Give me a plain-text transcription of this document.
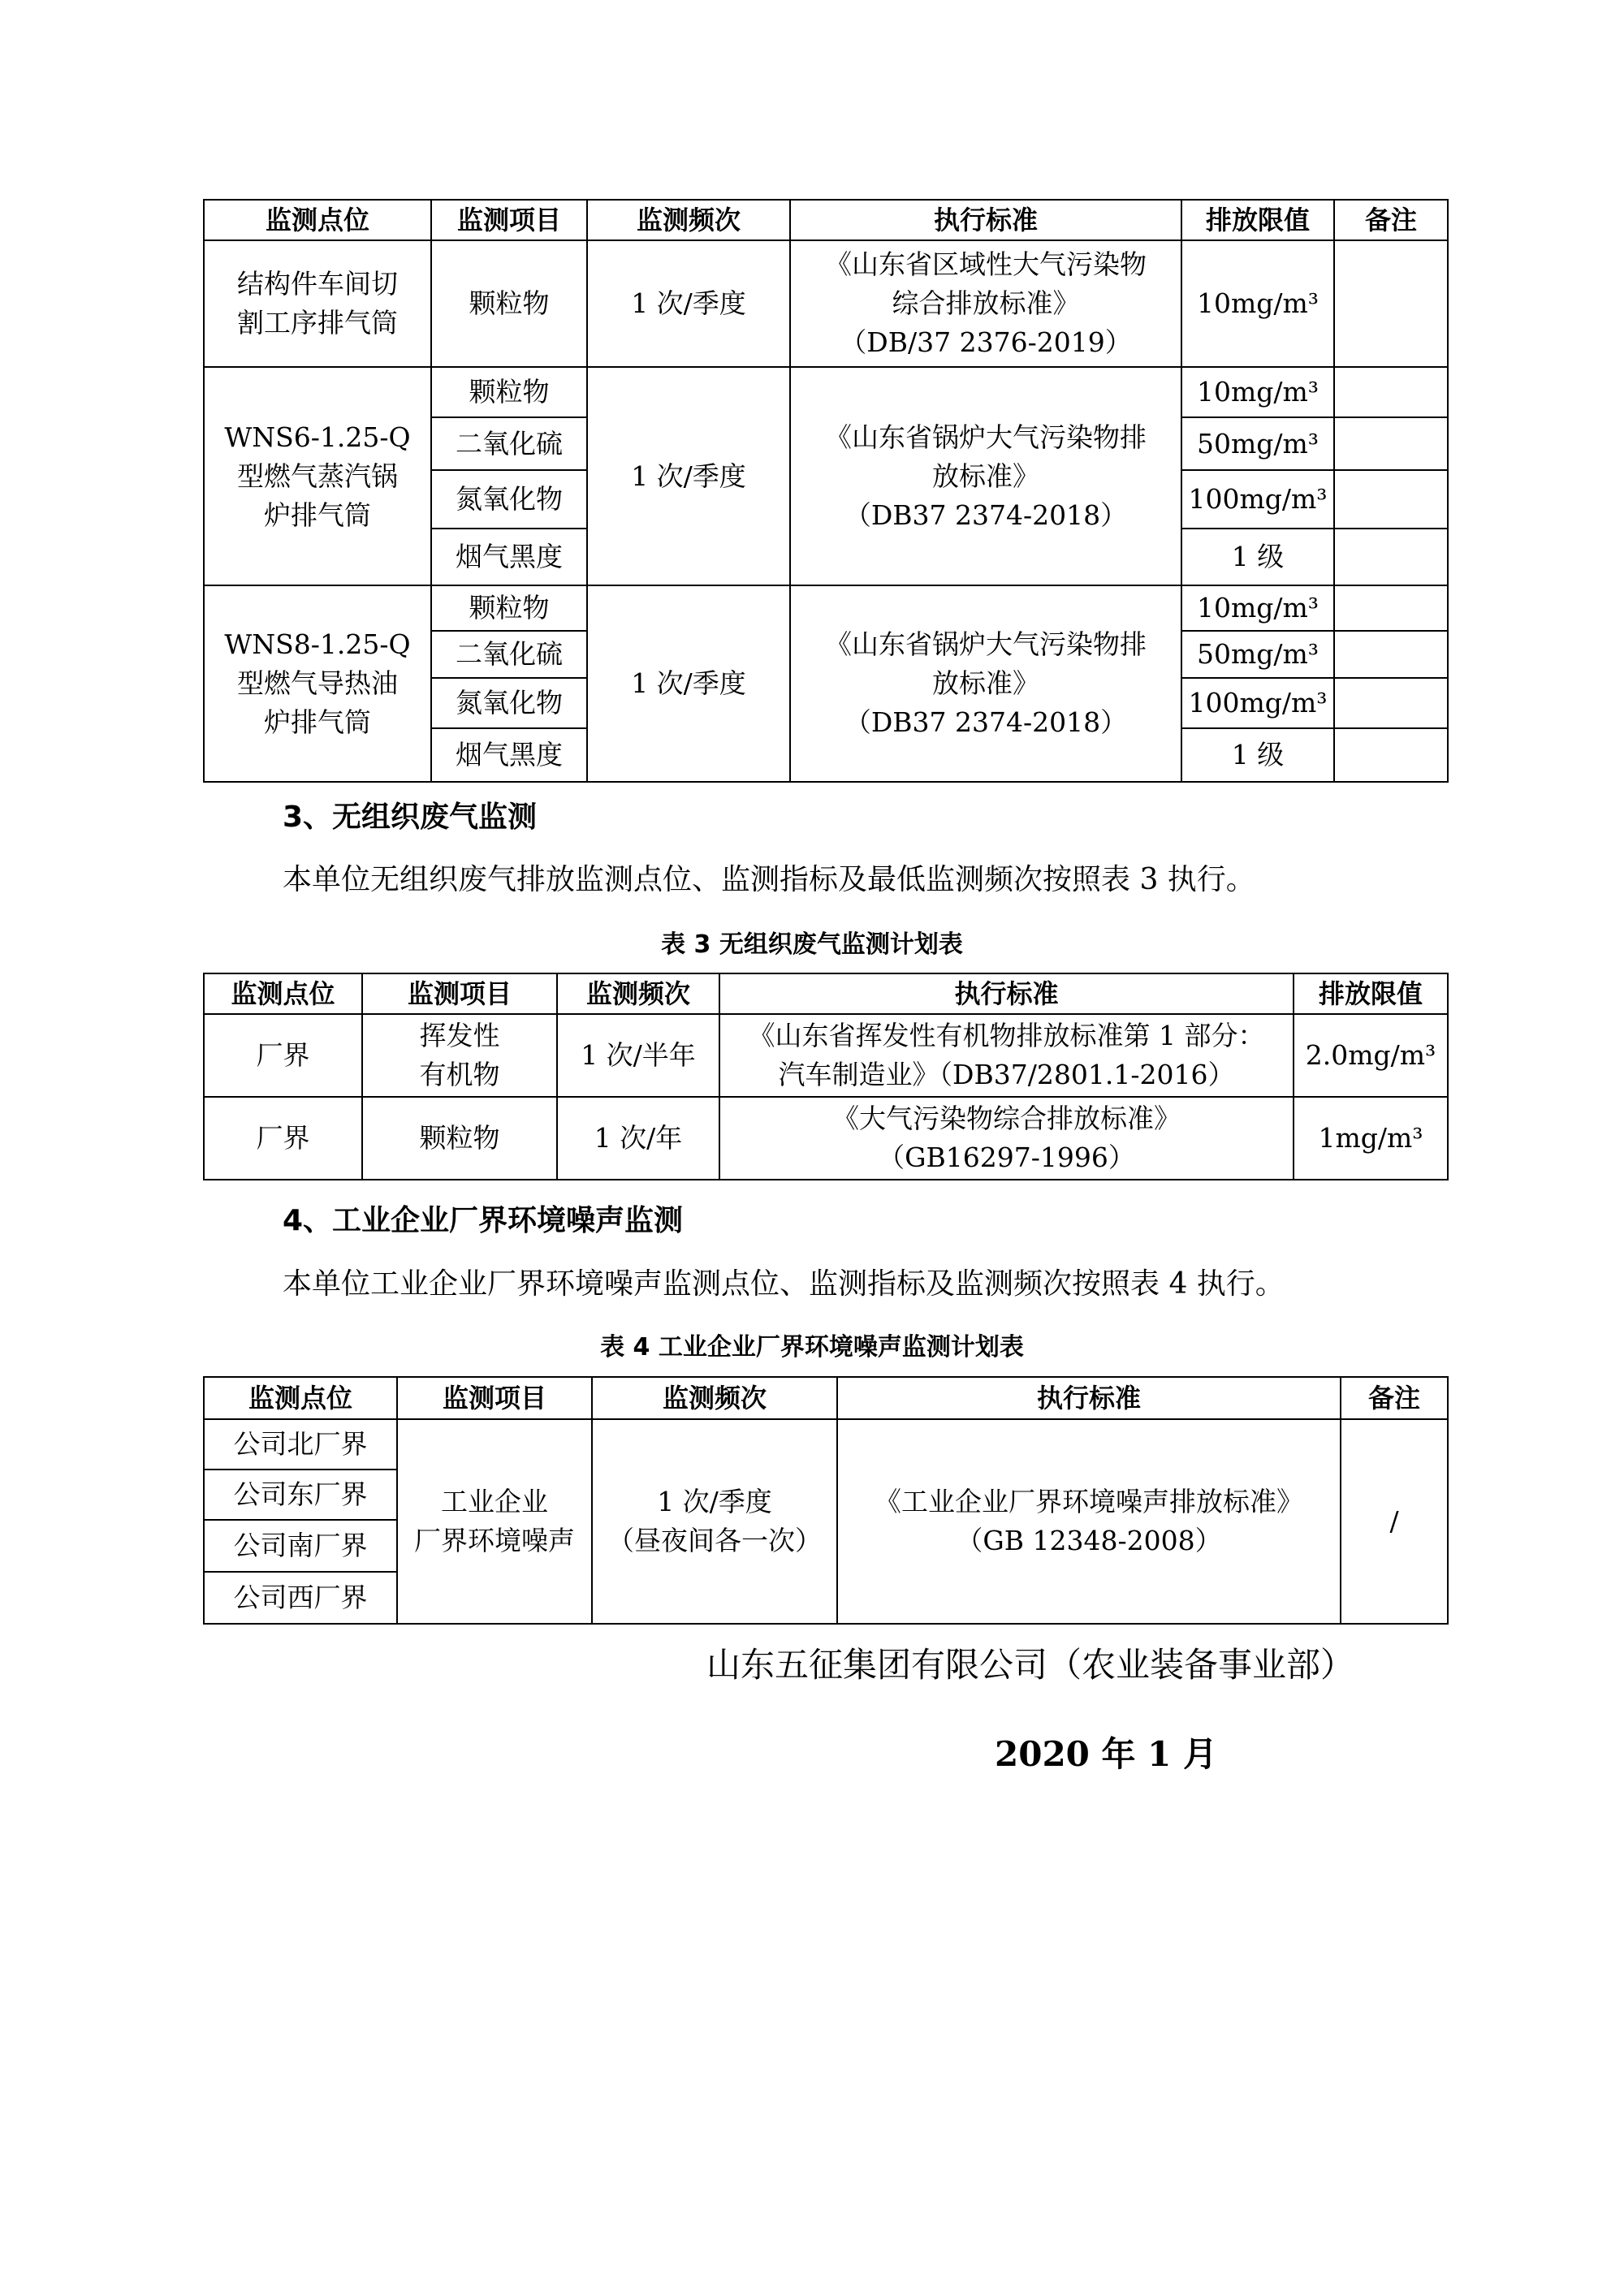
监测点位	监测项目	监测频次	执行标准	排放限值	备注

结构件车间切
割工序排气筒	颗粒物	1 次/季度	《山东省区域性大气污染物
综合排放标准》
（DB/37 2376-2019）	10mg/m³	

WNS6-1.25-Q
型燃气蒸汽锅
炉排气筒	颗粒物	1 次/季度	《山东省锅炉大气污染物排
放标准》
（DB37 2374-2018）	10mg/m³	
	二氧化硫			50mg/m³	
	氮氧化物			100mg/m³	
	烟气黑度			1 级	

WNS8-1.25-Q
型燃气导热油
炉排气筒	颗粒物	1 次/季度	《山东省锅炉大气污染物排
放标准》
（DB37 2374-2018）	10mg/m³	
	二氧化硫			50mg/m³	
	氮氧化物			100mg/m³	
	烟气黑度			1 级	
3、无组织废气监测
本单位无组织废气排放监测点位、监测指标及最低监测频次按照表 3 执行。
表 3 无组织废气监测计划表
监测点位	监测项目	监测频次	执行标准	排放限值
厂界	挥发性
有机物	1 次/半年	《山东省挥发性有机物排放标准第 1 部分：
汽车制造业》（DB37/2801.1-2016）	2.0mg/m³
厂界	颗粒物	1 次/年	《大气污染物综合排放标准》
（GB16297-1996）	1mg/m³
4、工业企业厂界环境噪声监测
本单位工业企业厂界环境噪声监测点位、监测指标及监测频次按照表 4 执行。
表 4 工业企业厂界环境噪声监测计划表
监测点位	监测项目	监测频次	执行标准	备注
公司北厂界	工业企业
厂界环境噪声	1 次/季度
（昼夜间各一次）	《工业企业厂界环境噪声排放标准》
（GB 12348-2008）	/
公司东厂界				
公司南厂界				
公司西厂界				
山东五征集团有限公司（农业装备事业部）
2020 年 1 月
